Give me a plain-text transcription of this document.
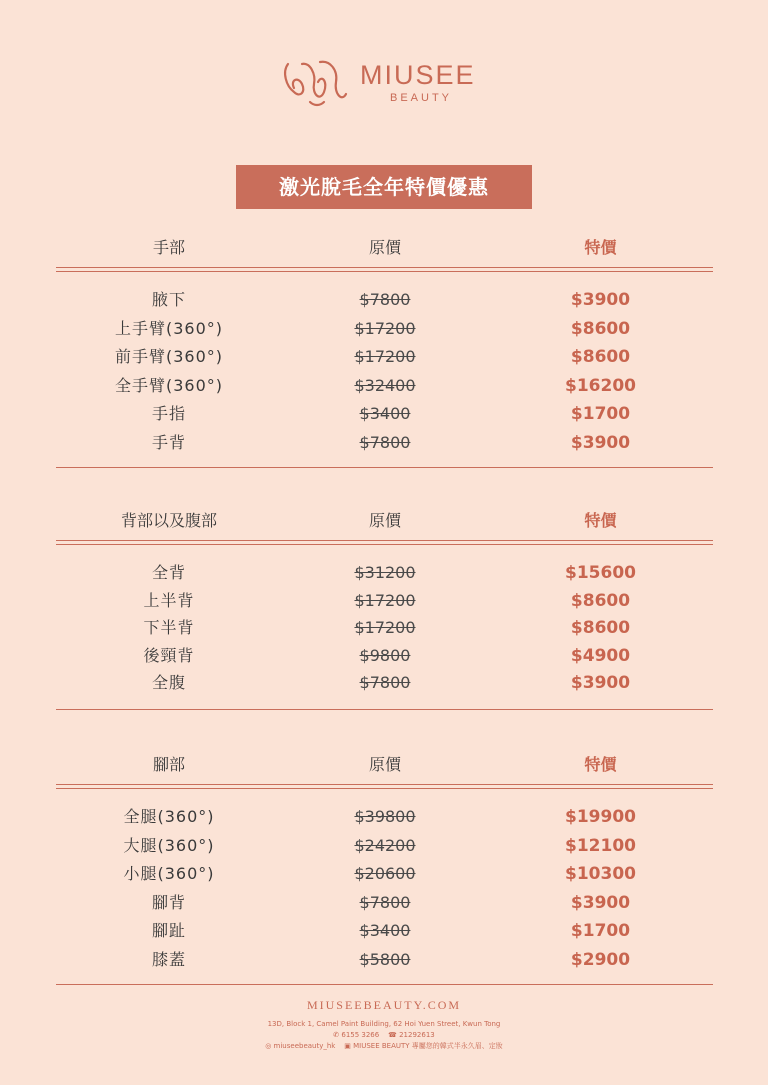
MIUSEE
BEAUTY
激光脫毛全年特價優惠
手部	原價	特價
腋下	$7800	$3900
上手臂(360°)	$17200	$8600
前手臂(360°)	$17200	$8600
全手臂(360°)	$32400	$16200
手指	$3400	$1700
手背	$7800	$3900
背部以及腹部	原價	特價
全背	$31200	$15600
上半背	$17200	$8600
下半背	$17200	$8600
後頸背	$9800	$4900
全腹	$7800	$3900
腳部	原價	特價
全腿(360°)	$39800	$19900
大腿(360°)	$24200	$12100
小腿(360°)	$20600	$10300
腳背	$7800	$3900
腳趾	$3400	$1700
膝蓋	$5800	$2900
MIUSEEBEAUTY.COM
13D, Block 1, Camel Paint Building, 62 Hoi Yuen Street, Kwun Tong
✆ 6155 3266 ☎ 21292613
◎ miuseebeauty_hk ▣ MIUSEE BEAUTY 專屬您的韓式半永久眉、定妝
